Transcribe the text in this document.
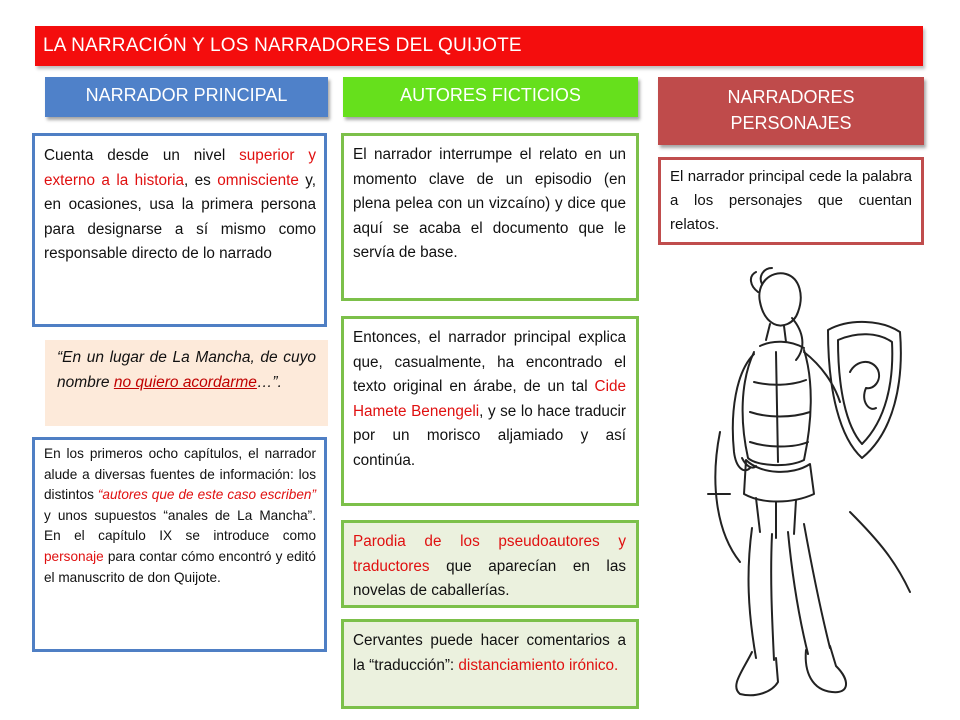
LA NARRACIÓN Y LOS NARRADORES DEL QUIJOTE
NARRADOR PRINCIPAL	AUTORES FICTICIOS	NARRADORES
PERSONAJES
Cuenta desde un nivel superior y externo a la historia, es omnisciente y, en ocasiones, usa la primera persona para designarse a sí mismo como responsable directo de lo narrado
“En un lugar de La Mancha, de cuyo nombre no quiero acordarme…”.
En los primeros ocho capítulos, el narrador alude a diversas fuentes de información: los distintos “autores que de este caso escriben” y unos supuestos “anales de La Mancha”. En el capítulo IX se introduce como personaje para contar cómo encontró y editó el manuscrito de don Quijote.
El narrador interrumpe el relato en un momento clave de un episodio (en plena pelea con un vizcaíno) y dice que aquí se acaba el documento que le servía de base.
Entonces, el narrador principal explica que, casualmente, ha encontrado el texto original en árabe, de un tal Cide Hamete Benengeli, y se lo hace traducir por un morisco aljamiado y así continúa.
Parodia de los pseudoautores y traductores que aparecían en las novelas de caballerías.
Cervantes puede hacer comentarios a la “traducción”: distanciamiento irónico.
El narrador principal cede la palabra a los personajes que cuentan relatos.
